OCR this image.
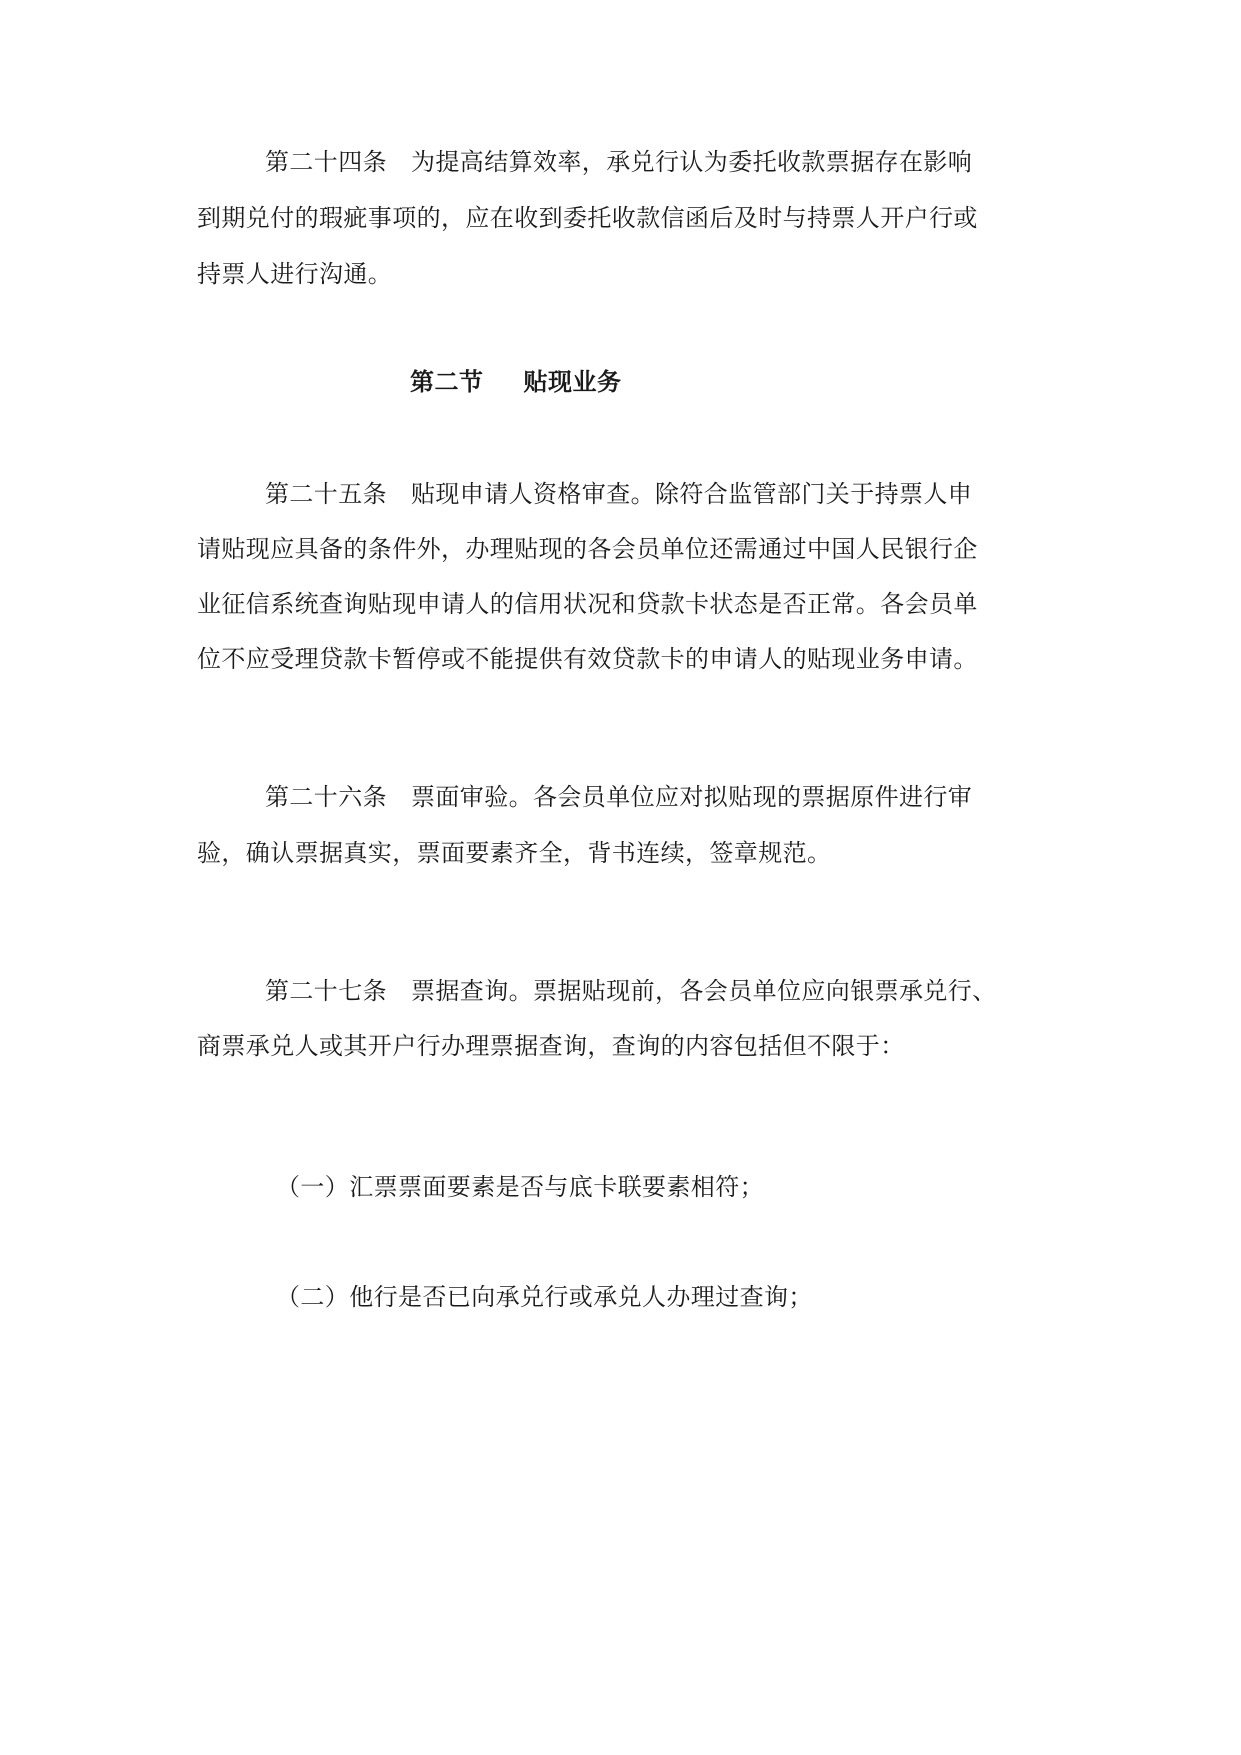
第二十四条 为提高结算效率，承兑行认为委托收款票据存在影响
到期兑付的瑕疵事项的，应在收到委托收款信函后及时与持票人开户行或
持票人进行沟通。
第二节 贴现业务
第二十五条 贴现申请人资格审查。除符合监管部门关于持票人申
请贴现应具备的条件外，办理贴现的各会员单位还需通过中国人民银行企
业征信系统查询贴现申请人的信用状况和贷款卡状态是否正常。各会员单
位不应受理贷款卡暂停或不能提供有效贷款卡的申请人的贴现业务申请。
第二十六条 票面审验。各会员单位应对拟贴现的票据原件进行审
验，确认票据真实，票面要素齐全，背书连续，签章规范。
第二十七条 票据查询。票据贴现前，各会员单位应向银票承兑行、
商票承兑人或其开户行办理票据查询，查询的内容包括但不限于：
（一）汇票票面要素是否与底卡联要素相符；
（二）他行是否已向承兑行或承兑人办理过查询；
